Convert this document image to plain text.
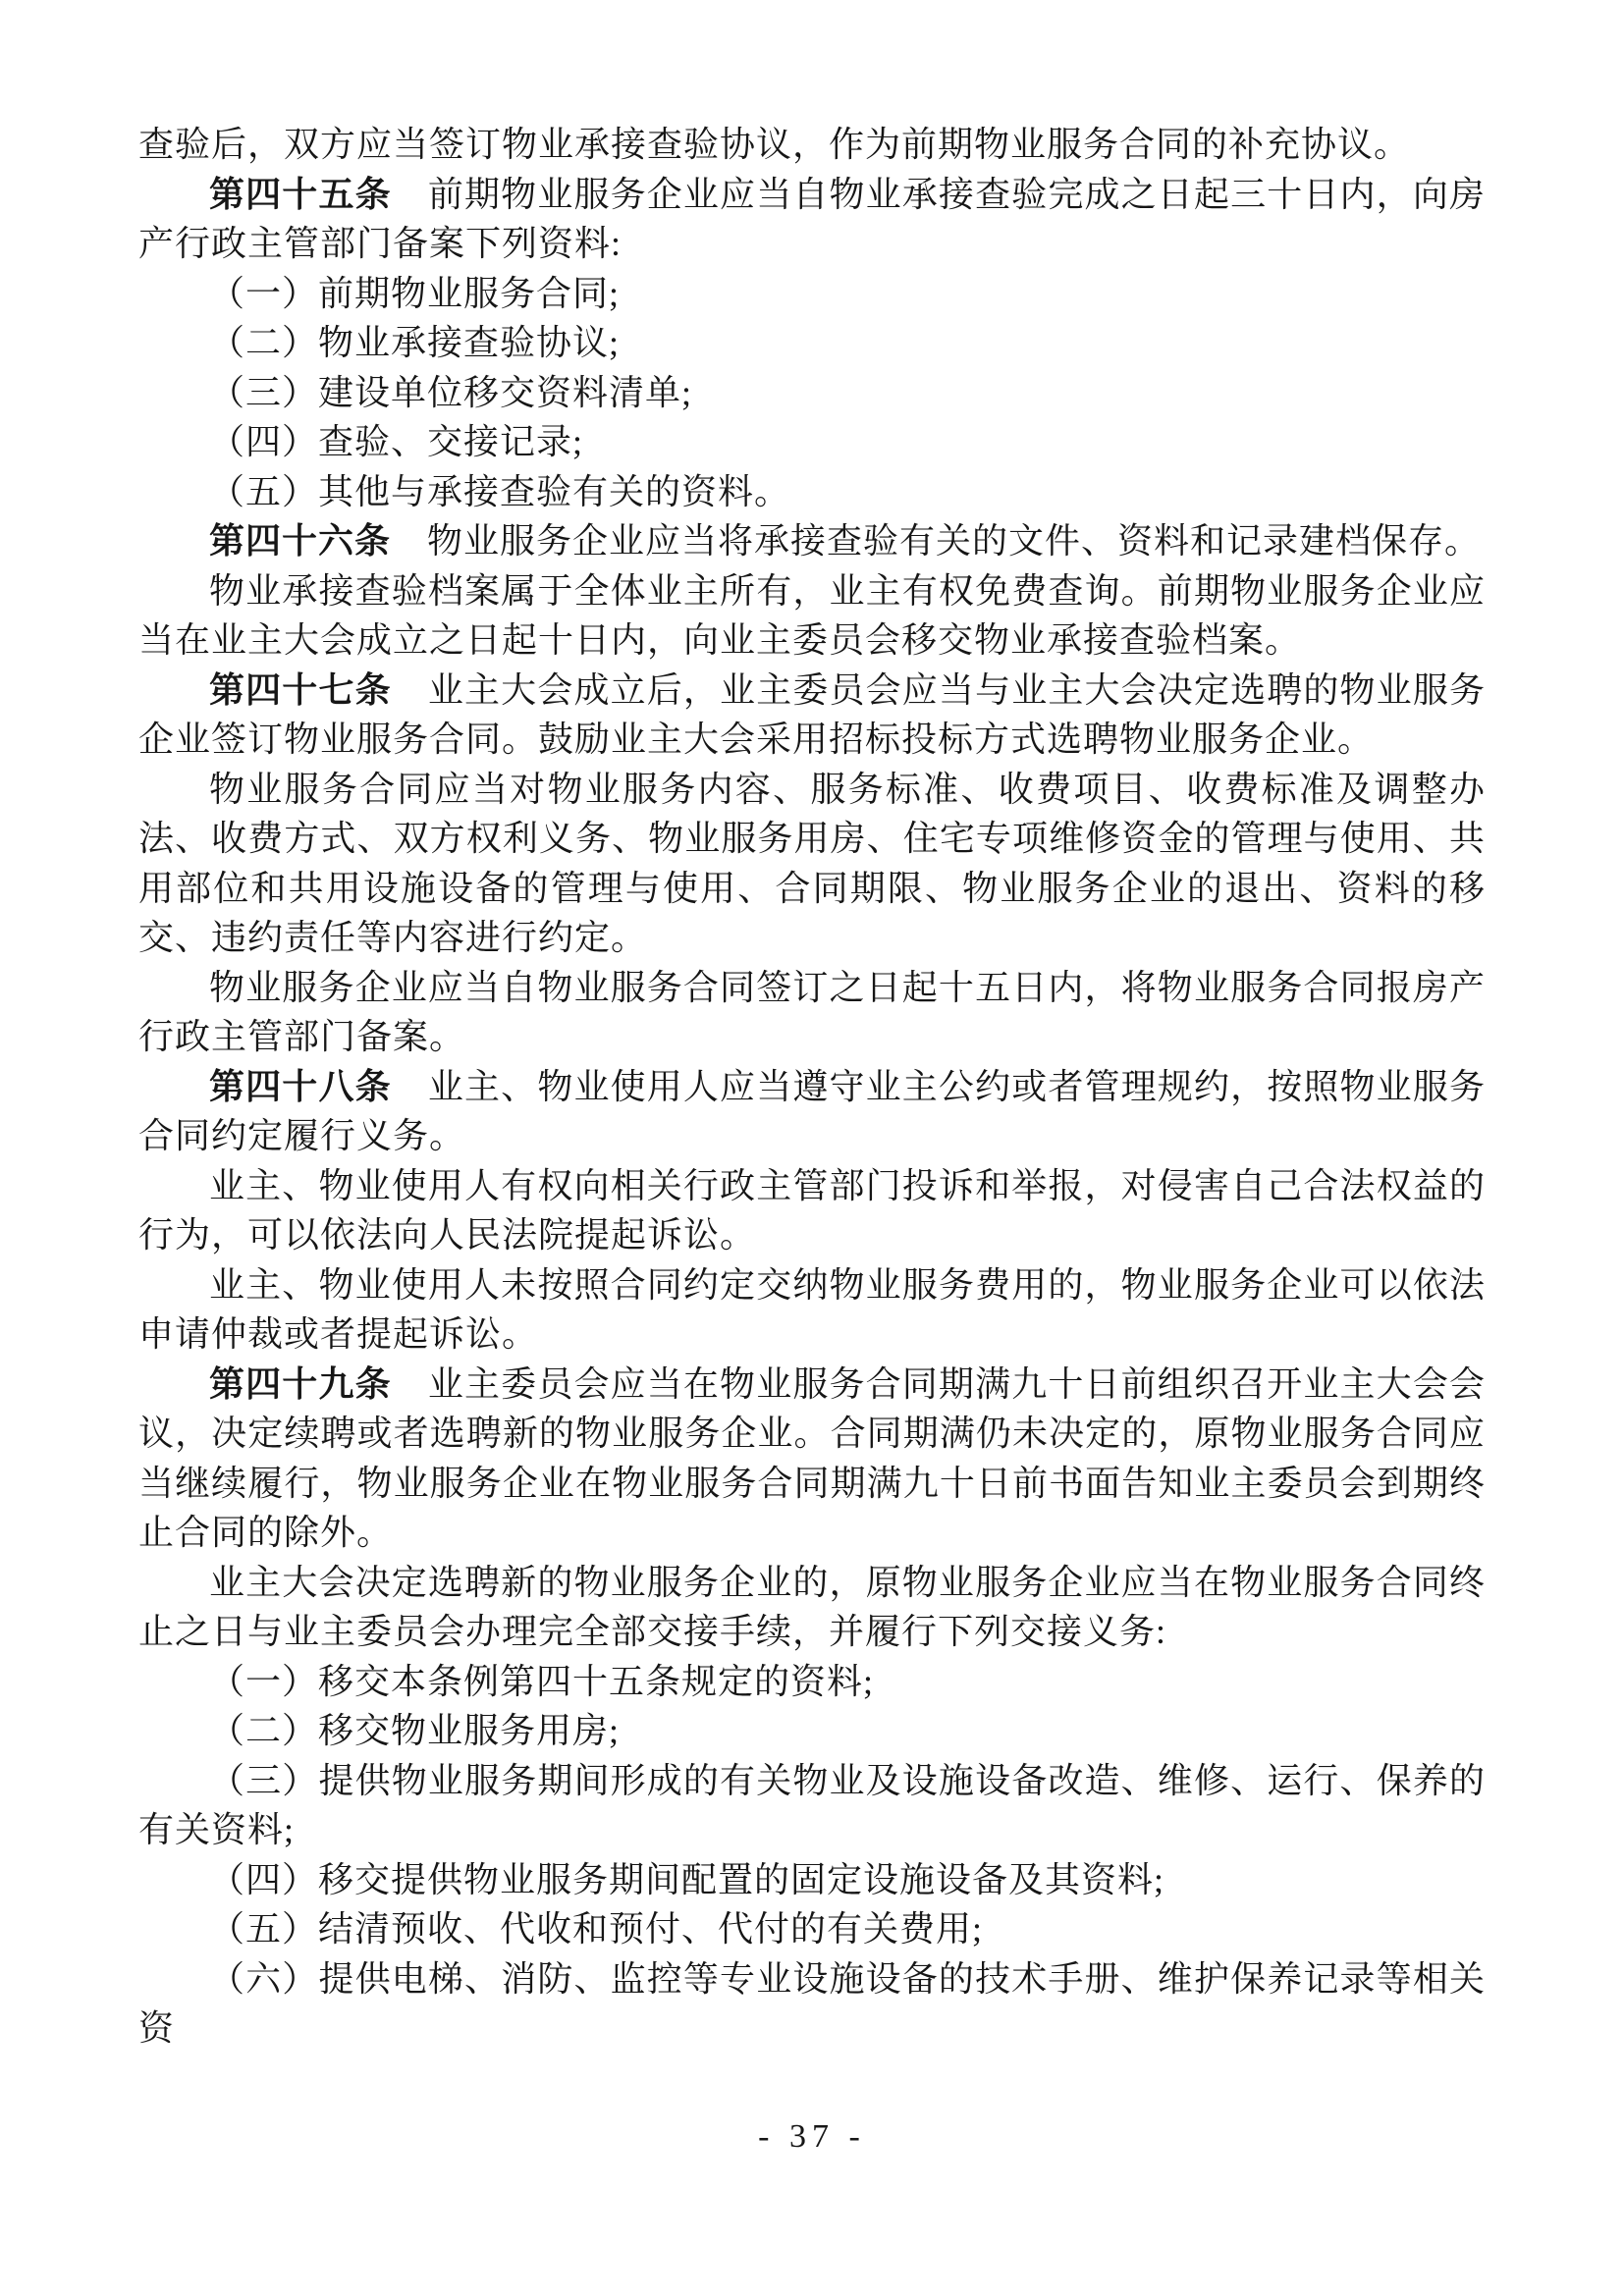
查验后，双方应当签订物业承接查验协议，作为前期物业服务合同的补充协议。

第四十五条　前期物业服务企业应当自物业承接查验完成之日起三十日内，向房产行政主管部门备案下列资料:

（一）前期物业服务合同;

（二）物业承接查验协议;

（三）建设单位移交资料清单;

（四）查验、交接记录;

（五）其他与承接查验有关的资料。

第四十六条　物业服务企业应当将承接查验有关的文件、资料和记录建档保存。

物业承接查验档案属于全体业主所有，业主有权免费查询。前期物业服务企业应当在业主大会成立之日起十日内，向业主委员会移交物业承接查验档案。

第四十七条　业主大会成立后，业主委员会应当与业主大会决定选聘的物业服务企业签订物业服务合同。鼓励业主大会采用招标投标方式选聘物业服务企业。

物业服务合同应当对物业服务内容、服务标准、收费项目、收费标准及调整办法、收费方式、双方权利义务、物业服务用房、住宅专项维修资金的管理与使用、共用部位和共用设施设备的管理与使用、合同期限、物业服务企业的退出、资料的移交、违约责任等内容进行约定。

物业服务企业应当自物业服务合同签订之日起十五日内，将物业服务合同报房产行政主管部门备案。

第四十八条　业主、物业使用人应当遵守业主公约或者管理规约，按照物业服务合同约定履行义务。

业主、物业使用人有权向相关行政主管部门投诉和举报，对侵害自己合法权益的行为，可以依法向人民法院提起诉讼。

业主、物业使用人未按照合同约定交纳物业服务费用的，物业服务企业可以依法申请仲裁或者提起诉讼。

第四十九条　业主委员会应当在物业服务合同期满九十日前组织召开业主大会会议，决定续聘或者选聘新的物业服务企业。合同期满仍未决定的，原物业服务合同应当继续履行，物业服务企业在物业服务合同期满九十日前书面告知业主委员会到期终止合同的除外。

业主大会决定选聘新的物业服务企业的，原物业服务企业应当在物业服务合同终止之日与业主委员会办理完全部交接手续，并履行下列交接义务:

（一）移交本条例第四十五条规定的资料;

（二）移交物业服务用房;

（三）提供物业服务期间形成的有关物业及设施设备改造、维修、运行、保养的有关资料;

（四）移交提供物业服务期间配置的固定设施设备及其资料;

（五）结清预收、代收和预付、代付的有关费用;

（六）提供电梯、消防、监控等专业设施设备的技术手册、维护保养记录等相关资

- 37 -
